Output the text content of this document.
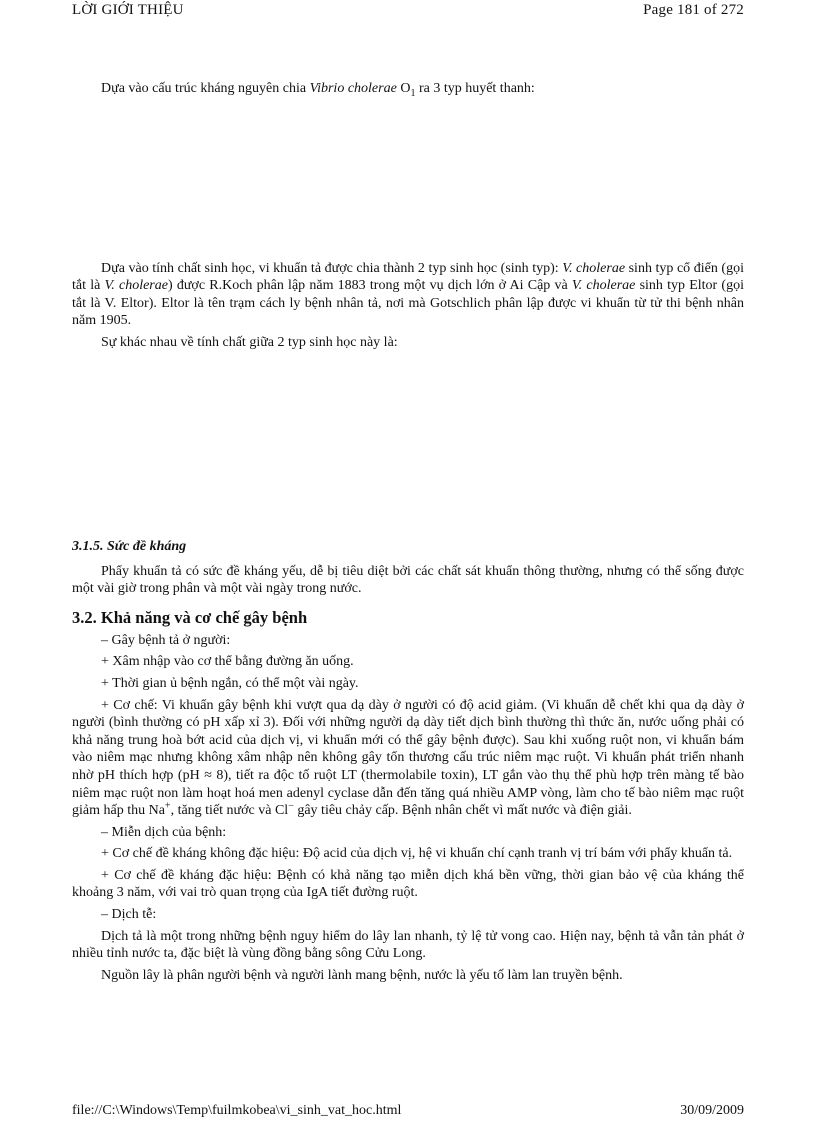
LỜI GIỚI THIỆU	Page 181 of 272

Dựa vào cấu trúc kháng nguyên chia Vibrio cholerae $O_1$ ra 3 typ huyết thanh:

Dựa vào tính chất sinh học, vi khuẩn tả được chia thành 2 typ sinh học (sinh typ): V. cholerae sinh typ cổ điển (gọi tắt là V. cholerae) được R.Koch phân lập năm 1883 trong một vụ dịch lớn ở Ai Cập và V. cholerae sinh typ Eltor (gọi tắt là V. Eltor). Eltor là tên trạm cách ly bệnh nhân tả, nơi mà Gotschlich phân lập được vi khuẩn từ tử thi bệnh nhân năm 1905.

Sự khác nhau về tính chất giữa 2 typ sinh học này là:

3.1.5. Sức đề kháng

Phẩy khuẩn tả có sức đề kháng yếu, dễ bị tiêu diệt bởi các chất sát khuẩn thông thường, nhưng có thể sống được một vài giờ trong phân và một vài ngày trong nước.

3.2. Khả năng và cơ chế gây bệnh

– Gây bệnh tả ở người:

+ Xâm nhập vào cơ thể bằng đường ăn uống.

+ Thời gian ủ bệnh ngắn, có thể một vài ngày.

+ Cơ chế: Vi khuẩn gây bệnh khi vượt qua dạ dày ở người có độ acid giảm. (Vi khuẩn dễ chết khi qua dạ dày ở người (bình thường có pH xấp xỉ 3). Đối với những người dạ dày tiết dịch bình thường thì thức ăn, nước uống phải có khả năng trung hoà bớt acid của dịch vị, vi khuẩn mới có thể gây bệnh được). Sau khi xuống ruột non, vi khuẩn bám vào niêm mạc nhưng không xâm nhập nên không gây tổn thương cấu trúc niêm mạc ruột. Vi khuẩn phát triển nhanh nhờ pH thích hợp (pH ≈ 8), tiết ra độc tố ruột LT (thermolabile toxin), LT gắn vào thụ thể phù hợp trên màng tế bào niêm mạc ruột non làm hoạt hoá men adenyl cyclase dẫn đến tăng quá nhiều AMP vòng, làm cho tế bào niêm mạc ruột giảm hấp thu Na+, tăng tiết nước và Cl− gây tiêu chảy cấp. Bệnh nhân chết vì mất nước và điện giải.

– Miễn dịch của bệnh:

+ Cơ chế đề kháng không đặc hiệu: Độ acid của dịch vị, hệ vi khuẩn chí cạnh tranh vị trí bám với phẩy khuẩn tả.

+ Cơ chế đề kháng đặc hiệu: Bệnh có khả năng tạo miễn dịch khá bền vững, thời gian bảo vệ của kháng thể khoảng 3 năm, với vai trò quan trọng của IgA tiết đường ruột.

– Dịch tễ:

Dịch tả là một trong những bệnh nguy hiểm do lây lan nhanh, tỷ lệ tử vong cao. Hiện nay, bệnh tả vẫn tản phát ở nhiều tỉnh nước ta, đặc biệt là vùng đồng bằng sông Cửu Long.

Nguồn lây là phân người bệnh và người lành mang bệnh, nước là yếu tố làm lan truyền bệnh.

file://C:\Windows\Temp\fuilmkobea\vi_sinh_vat_hoc.html	30/09/2009
